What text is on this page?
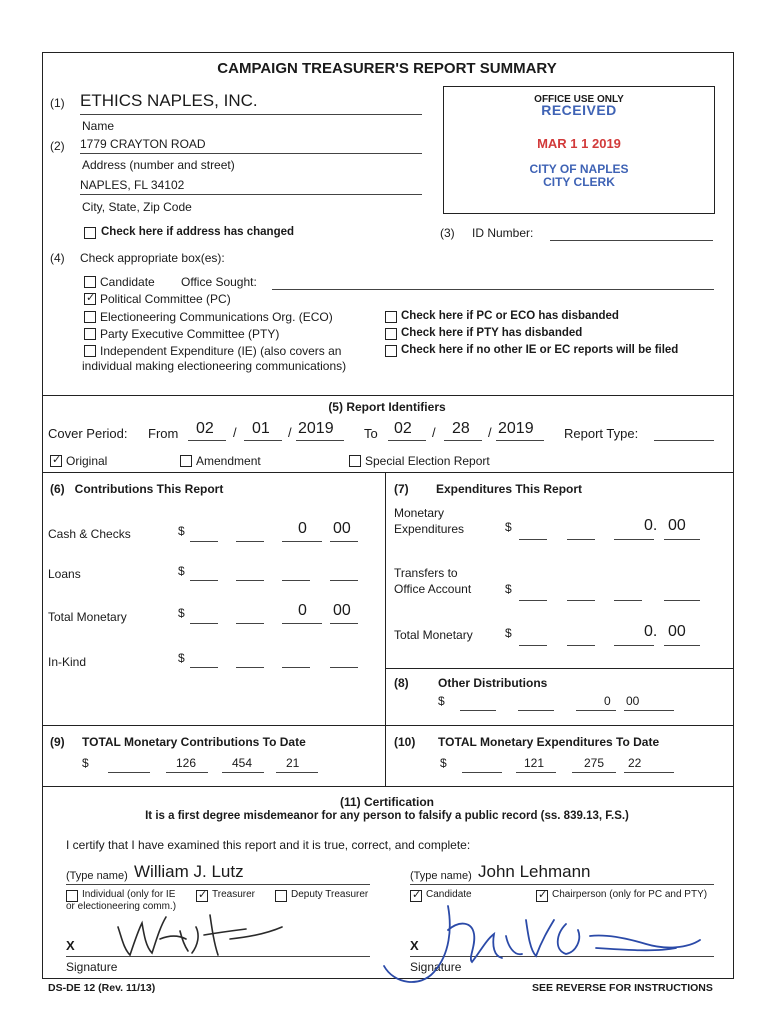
CAMPAIGN TREASURER'S REPORT SUMMARY
(1) ETHICS NAPLES, INC.
Name
(2) 1779 CRAYTON ROAD
Address (number and street)
NAPLES, FL 34102
City, State, Zip Code
Check here if address has changed
OFFICE USE ONLY
RECEIVED
MAR 1 1 2019
CITY OF NAPLES
CITY CLERK
(3) ID Number:
(4) Check appropriate box(es):
Candidate Office Sought:
✓ Political Committee (PC)
Electioneering Communications Org. (ECO)
Party Executive Committee (PTY)
Independent Expenditure (IE) (also covers an
individual making electioneering communications)
Check here if PC or ECO has disbanded
Check here if PTY has disbanded
Check here if no other IE or EC reports will be filed
(5) Report Identifiers
Cover Period: From 02 / 01 / 2019 To 02 / 28 / 2019 Report Type:
✓ Original	Amendment	Special Election Report
(6)   Contributions This Report
Cash & Checks	$	0 00
Loans	$
Total Monetary	$	0 00
In-Kind	$
(7) Expenditures This Report
Monetary
Expenditures	$	0. 00
Transfers to
Office Account	$
Total Monetary	$	0. 00
(8) Other Distributions
$	0 00
(9) TOTAL Monetary Contributions To Date
$	126	454	21
(10) TOTAL Monetary Expenditures To Date
$	121	275 22
(11) Certification
It is a first degree misdemeanor for any person to falsify a public record (ss. 839.13, F.S.)
I certify that I have examined this report and it is true, correct, and complete:
(Type name) William J. Lutz
Individual (only for IE
or electioneering comm.)
✓ Treasurer	Deputy Treasurer
X
Signature
(Type name) John Lehmann
✓ Candidate	✓ Chairperson (only for PC and PTY)
X
Signature
DS-DE 12 (Rev. 11/13)	SEE REVERSE FOR INSTRUCTIONS
